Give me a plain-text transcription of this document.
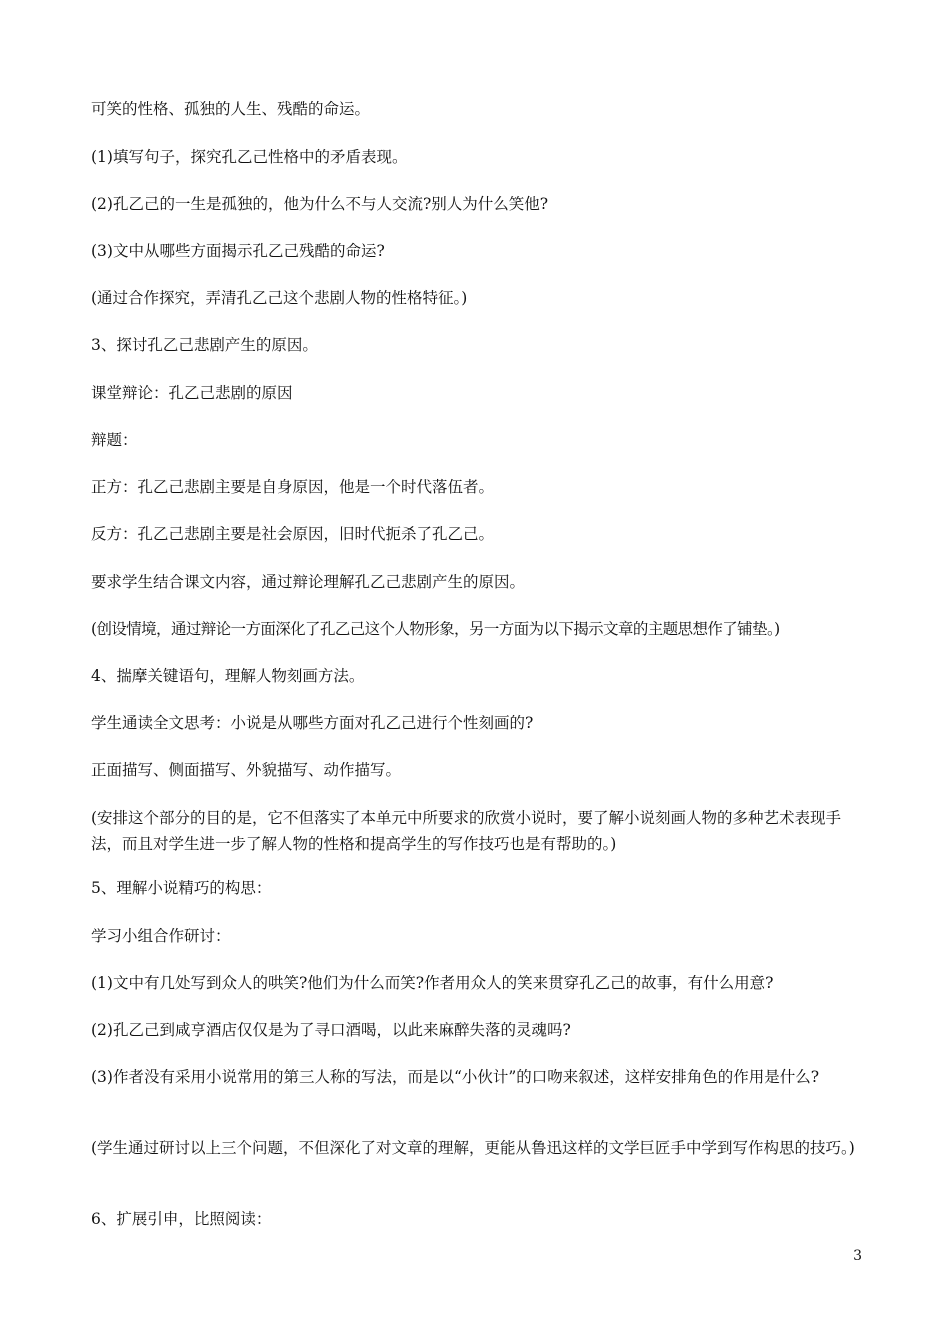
可笑的性格、孤独的人生、残酷的命运。

(1)填写句子，探究孔乙己性格中的矛盾表现。

(2)孔乙己的一生是孤独的，他为什么不与人交流?别人为什么笑他?

(3)文中从哪些方面揭示孔乙己残酷的命运?

(通过合作探究，弄清孔乙己这个悲剧人物的性格特征。)

3、探讨孔乙己悲剧产生的原因。

课堂辩论：孔乙己悲剧的原因

辩题：

正方：孔乙己悲剧主要是自身原因，他是一个时代落伍者。

反方：孔乙己悲剧主要是社会原因，旧时代扼杀了孔乙己。

要求学生结合课文内容，通过辩论理解孔乙己悲剧产生的原因。

(创设情境，通过辩论一方面深化了孔乙己这个人物形象，另一方面为以下揭示文章的主题思想作了铺垫。)

4、揣摩关键语句，理解人物刻画方法。

学生通读全文思考：小说是从哪些方面对孔乙己进行个性刻画的?

正面描写、侧面描写、外貌描写、动作描写。

(安排这个部分的目的是，它不但落实了本单元中所要求的欣赏小说时，要了解小说刻画人物的多种艺术表现手法，而且对学生进一步了解人物的性格和提高学生的写作技巧也是有帮助的。)

5、理解小说精巧的构思：

学习小组合作研讨：

(1)文中有几处写到众人的哄笑?他们为什么而笑?作者用众人的笑来贯穿孔乙己的故事，有什么用意?

(2)孔乙己到咸亨酒店仅仅是为了寻口酒喝，以此来麻醉失落的灵魂吗?

(3)作者没有采用小说常用的第三人称的写法，而是以“小伙计”的口吻来叙述，这样安排角色的作用是什么?

(学生通过研讨以上三个问题，不但深化了对文章的理解，更能从鲁迅这样的文学巨匠手中学到写作构思的技巧。)

6、扩展引申，比照阅读：

3
